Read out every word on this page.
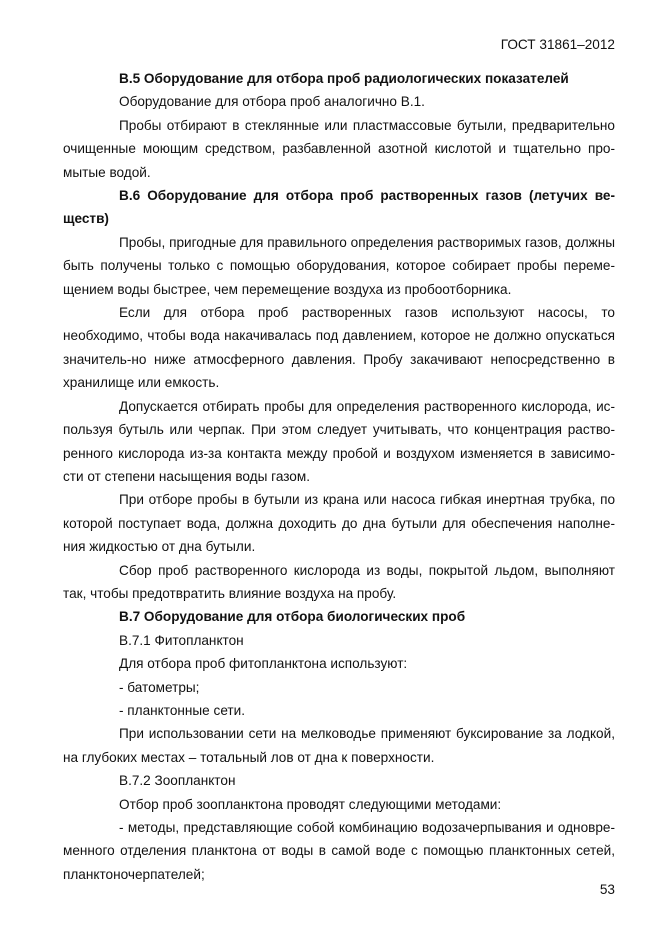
ГОСТ 31861–2012

В.5 Оборудование для отбора проб радиологических показателей

Оборудование для отбора проб аналогично В.1.

Пробы отбирают в стеклянные или пластмассовые бутыли, предварительно очищенные моющим средством, разбавленной азотной кислотой и тщательно про-мытые водой.

В.6 Оборудование для отбора проб растворенных газов (летучих ве-ществ)

Пробы, пригодные для правильного определения растворимых газов, должны быть получены только с помощью оборудования, которое собирает пробы переме-щением воды быстрее, чем перемещение воздуха из пробоотборника.

Если для отбора проб растворенных газов используют насосы, то необходимо, чтобы вода накачивалась под давлением, которое не должно опускаться значитель-но ниже атмосферного давления. Пробу закачивают непосредственно в хранилище или емкость.

Допускается отбирать пробы для определения растворенного кислорода, ис-пользуя бутыль или черпак. При этом следует учитывать, что концентрация раство-ренного кислорода из-за контакта между пробой и воздухом изменяется в зависимо-сти от степени насыщения воды газом.

При отборе пробы в бутыли из крана или насоса гибкая инертная трубка, по которой поступает вода, должна доходить до дна бутыли для обеспечения наполне-ния жидкостью от дна бутыли.

Сбор проб растворенного кислорода из воды, покрытой льдом, выполняют так, чтобы предотвратить влияние воздуха на пробу.

В.7 Оборудование для отбора биологических проб

В.7.1 Фитопланктон

Для отбора проб фитопланктона используют:

- батометры;

- планктонные сети.

При использовании сети на мелководье применяют буксирование за лодкой, на глубоких местах – тотальный лов от дна к поверхности.

В.7.2 Зоопланктон

Отбор проб зоопланктона проводят следующими методами:

- методы, представляющие собой комбинацию водозачерпывания и одновре-менного отделения планктона от воды в самой воде с помощью планктонных сетей, планктоночерпателей;

53
